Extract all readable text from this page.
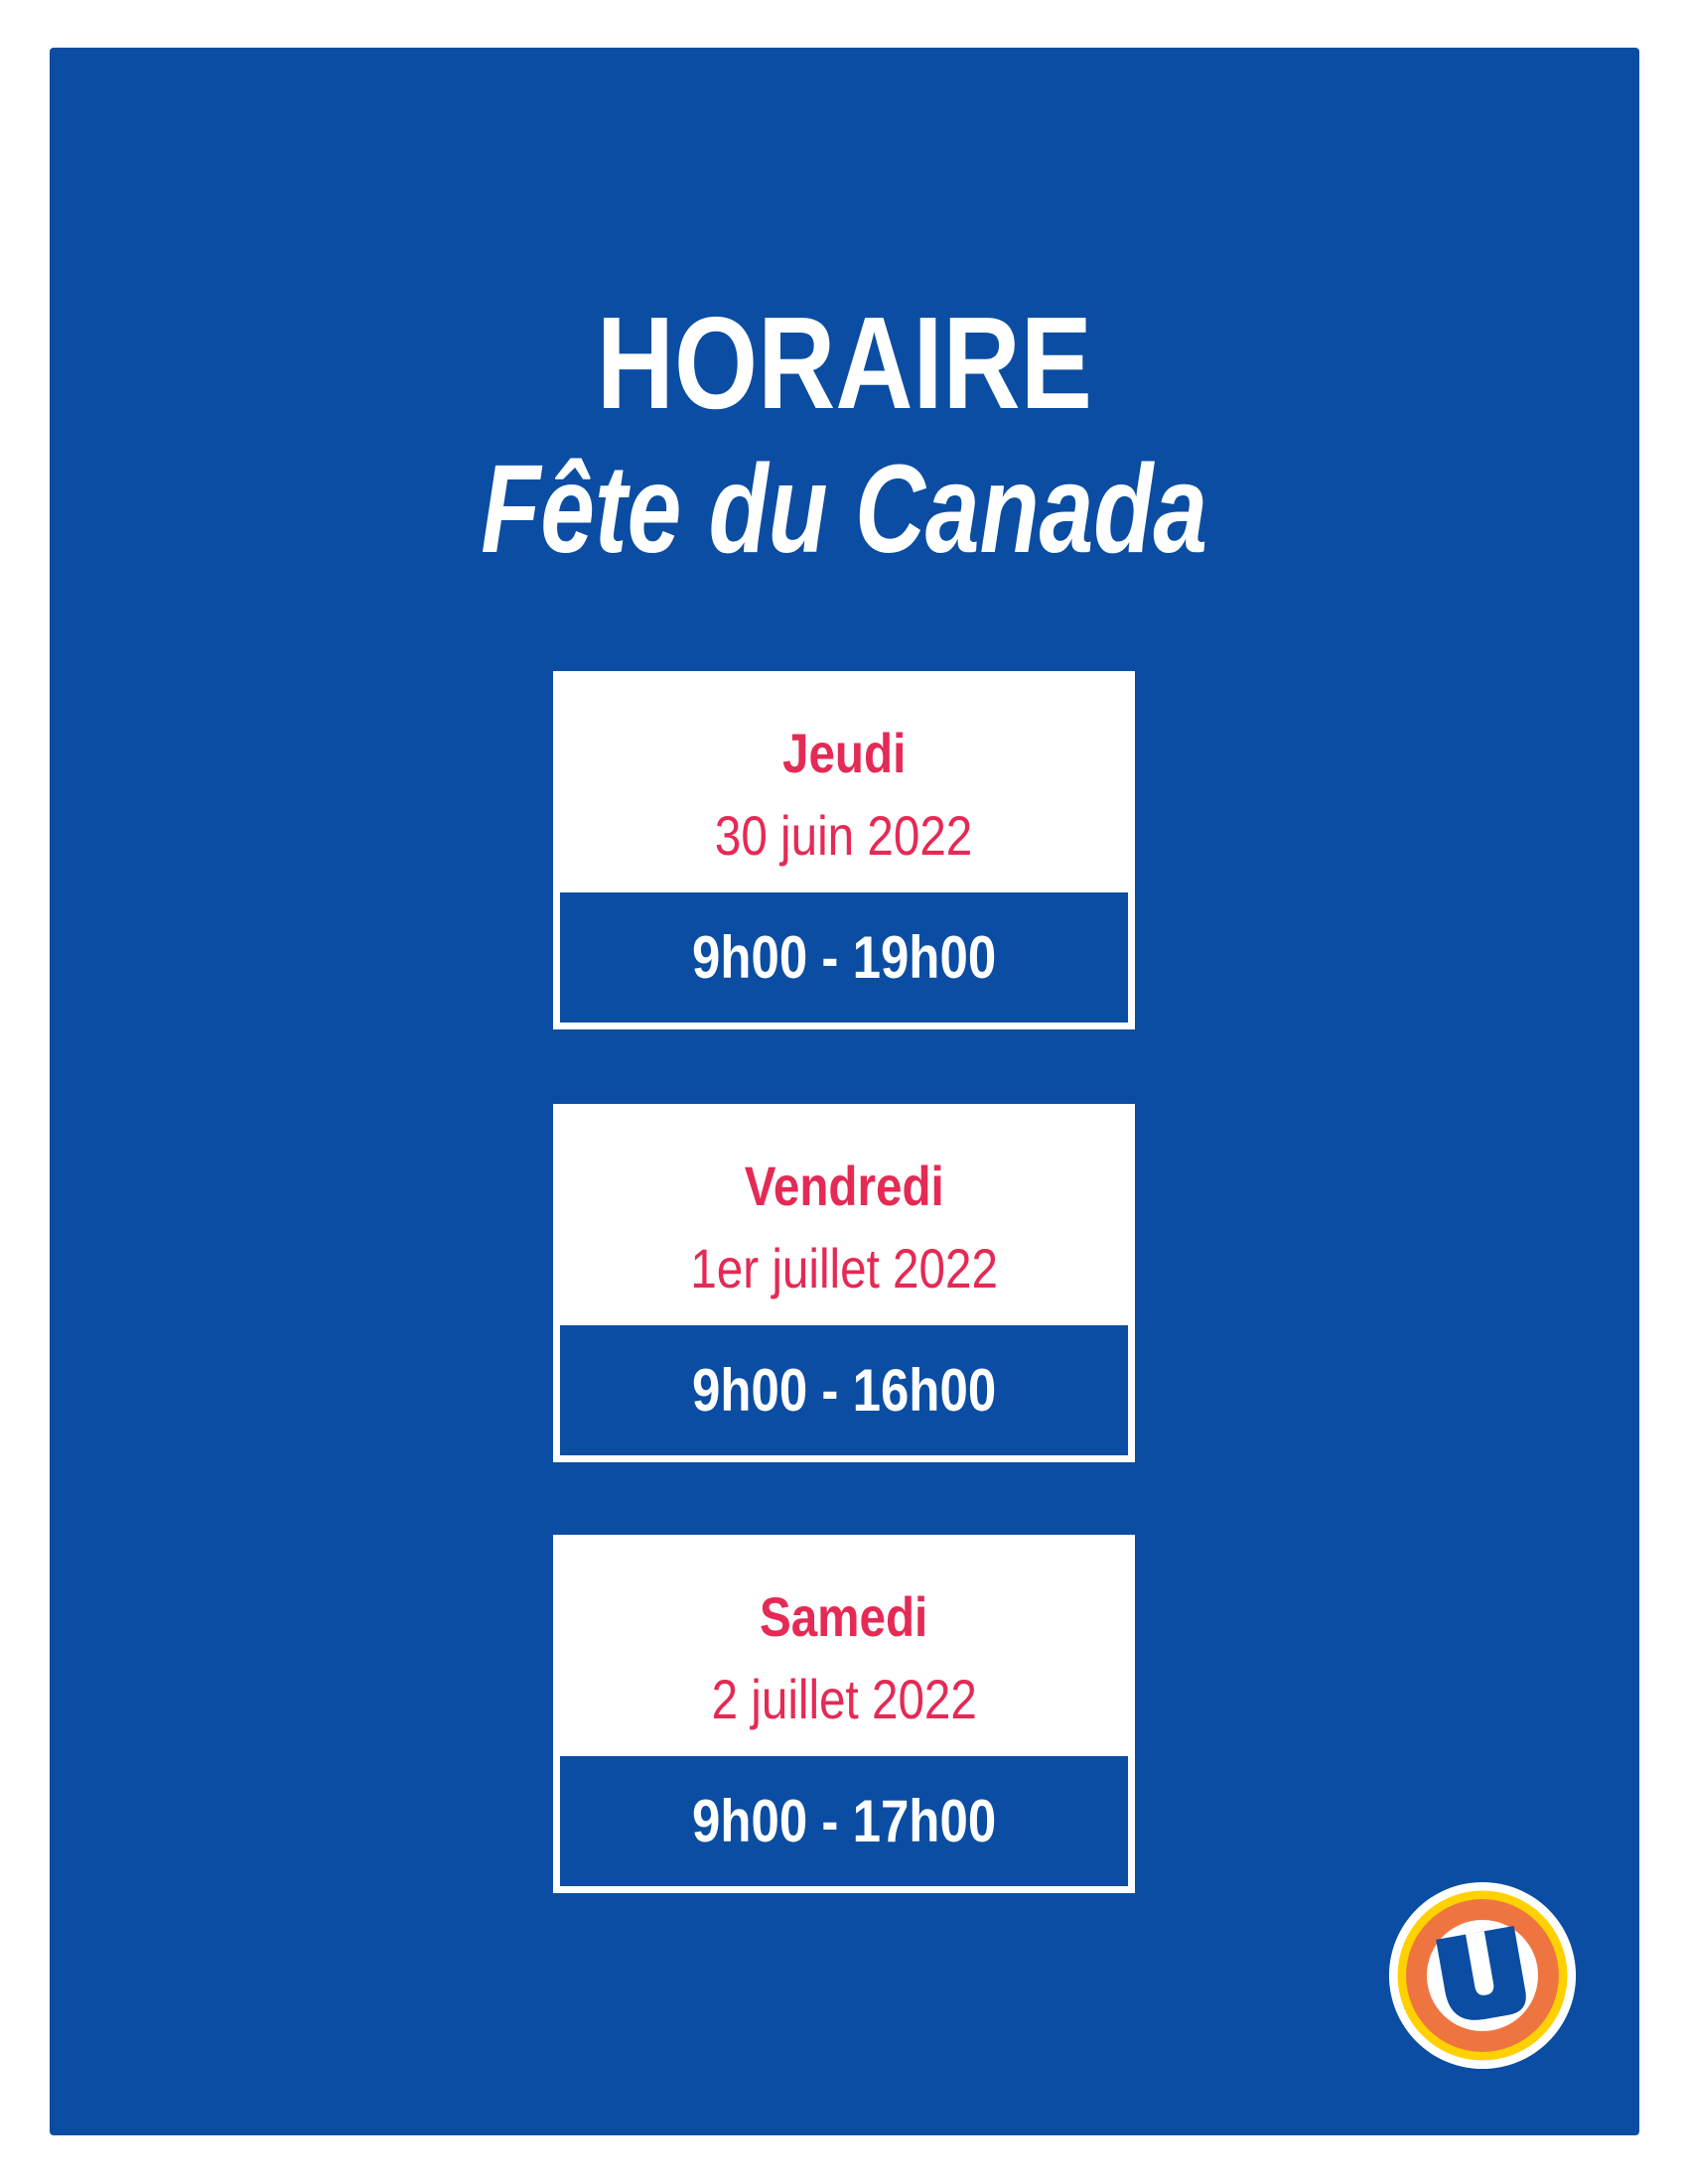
HORAIRE
Fête du Canada
Jeudi
30 juin 2022
9h00 - 19h00
Vendredi
1er juillet 2022
9h00 - 16h00
Samedi
2 juillet 2022
9h00 - 17h00
